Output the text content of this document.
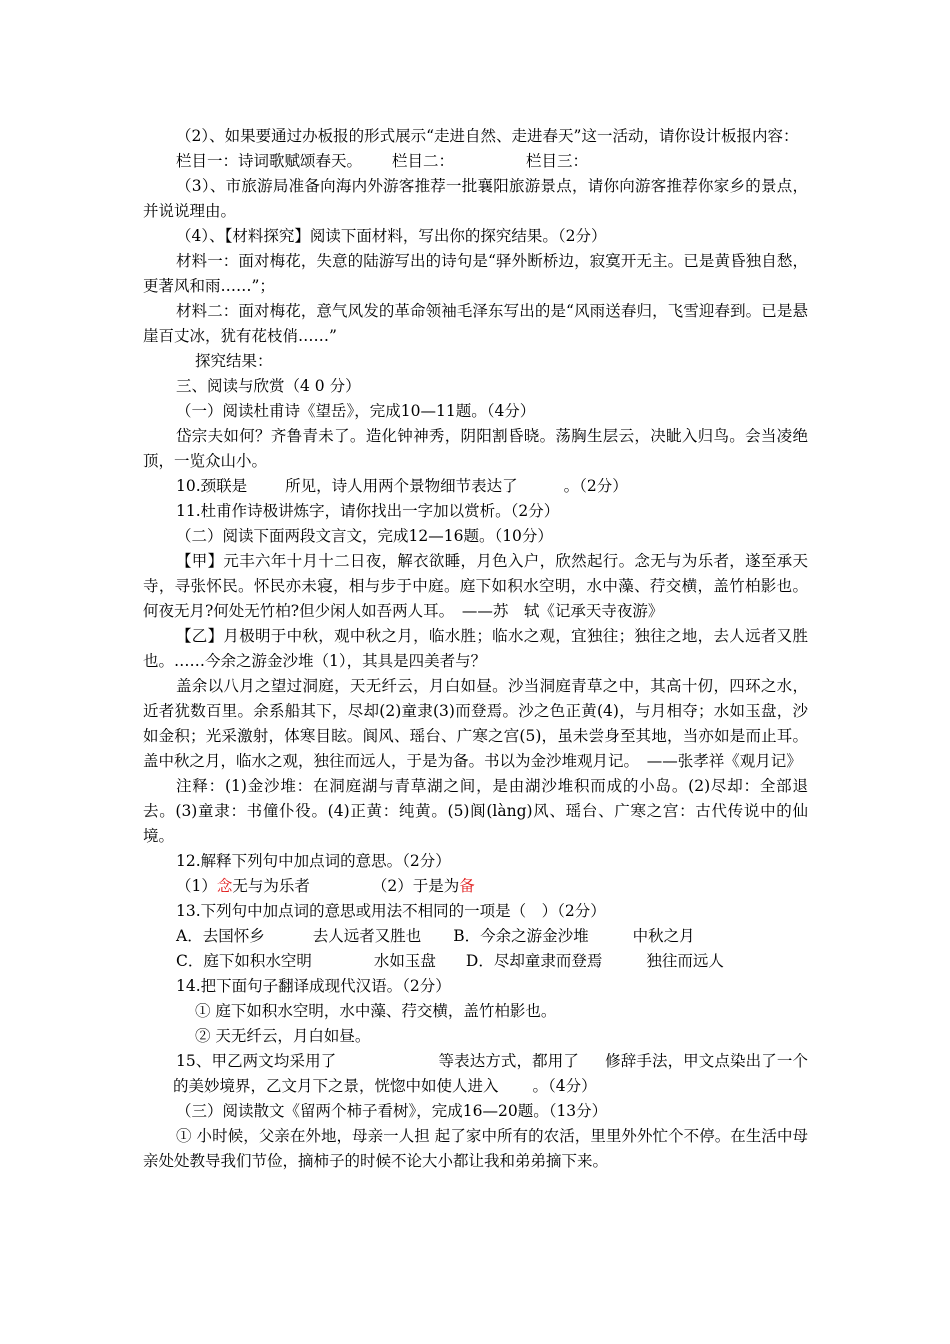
（2）、如果要通过办板报的形式展示“走进自然、走进春天”这一活动，请你设计板报内容：

栏目一：诗词歌赋颂春天。 栏目二：	栏目三：

（3）、市旅游局准备向海内外游客推荐一批襄阳旅游景点，请你向游客推荐你家乡的景点，并说说理由。

（4）、【材料探究】阅读下面材料，写出你的探究结果。（2分）

材料一：面对梅花，失意的陆游写出的诗句是“驿外断桥边，寂寞开无主。已是黄昏独自愁，更著风和雨……”；

材料二：面对梅花，意气风发的革命领袖毛泽东写出的是“风雨送春归，飞雪迎春到。已是悬崖百丈冰，犹有花枝俏……”

探究结果：

三、阅读与欣赏（4 0 分）

（一）阅读杜甫诗《望岳》，完成10—11题。（4分）

岱宗夫如何？齐鲁青未了。造化钟神秀，阴阳割昏晓。荡胸生层云，决眦入归鸟。会当凌绝顶，一览众山小。

10.颈联是 所见，诗人用两个景物细节表达了	。（2分）

11.杜甫作诗极讲炼字，请你找出一字加以赏析。（2分）

（二）阅读下面两段文言文，完成12—16题。（10分）

【甲】元丰六年十月十二日夜，解衣欲睡，月色入户，欣然起行。念无与为乐者，遂至承天寺，寻张怀民。怀民亦未寝，相与步于中庭。庭下如积水空明，水中藻、荇交横，盖竹柏影也。何夜无月?何处无竹柏?但少闲人如吾两人耳。　——苏　轼《记承天寺夜游》

【乙】月极明于中秋，观中秋之月，临水胜；临水之观，宜独往；独往之地，去人远者又胜也。……今余之游金沙堆（1），其具是四美者与？

盖余以八月之望过洞庭，天无纤云，月白如昼。沙当洞庭青草之中，其高十仞，四环之水，近者犹数百里。余系船其下，尽却(2)童隶(3)而登焉。沙之色正黄(4)，与月相夺；水如玉盘，沙如金积；光采激射，体寒目眩。阆风、瑶台、广寒之宫(5)，虽未尝身至其地，当亦如是而止耳。盖中秋之月，临水之观，独往而远人，于是为备。书以为金沙堆观月记。　——张孝祥《观月记》

注释：(1)金沙堆：在洞庭湖与青草湖之间，是由湖沙堆积而成的小岛。(2)尽却：全部退去。(3)童隶：书僮仆役。(4)正黄：纯黄。(5)阆(làng)风、瑶台、广寒之宫：古代传说中的仙境。

12.解释下列句中加点词的意思。（2分）

（1）念无与为乐者	（2）于是为备

13.下列句中加点词的意思或用法不相同的一项是（　）（2分）

A．去国怀乡	去人远者又胜也 B．今余之游金沙堆	中秋之月

C．庭下如积水空明	水如玉盘 D．尽却童隶而登焉	独往而远人

14.把下面句子翻译成现代汉语。（2分）

① 庭下如积水空明，水中藻、荇交横，盖竹柏影也。

② 天无纤云，月白如昼。

15、甲乙两文均采用了	等表达方式，都用了 修辞手法，甲文点染出了一个的美妙境界，乙文月下之景，恍惚中如使人进入 。（4分）

（三）阅读散文《留两个柿子看树》，完成16—20题。（13分）

① 小时候，父亲在外地，母亲一人担 起了家中所有的农活，里里外外忙个不停。在生活中母亲处处教导我们节俭，摘柿子的时候不论大小都让我和弟弟摘下来。
